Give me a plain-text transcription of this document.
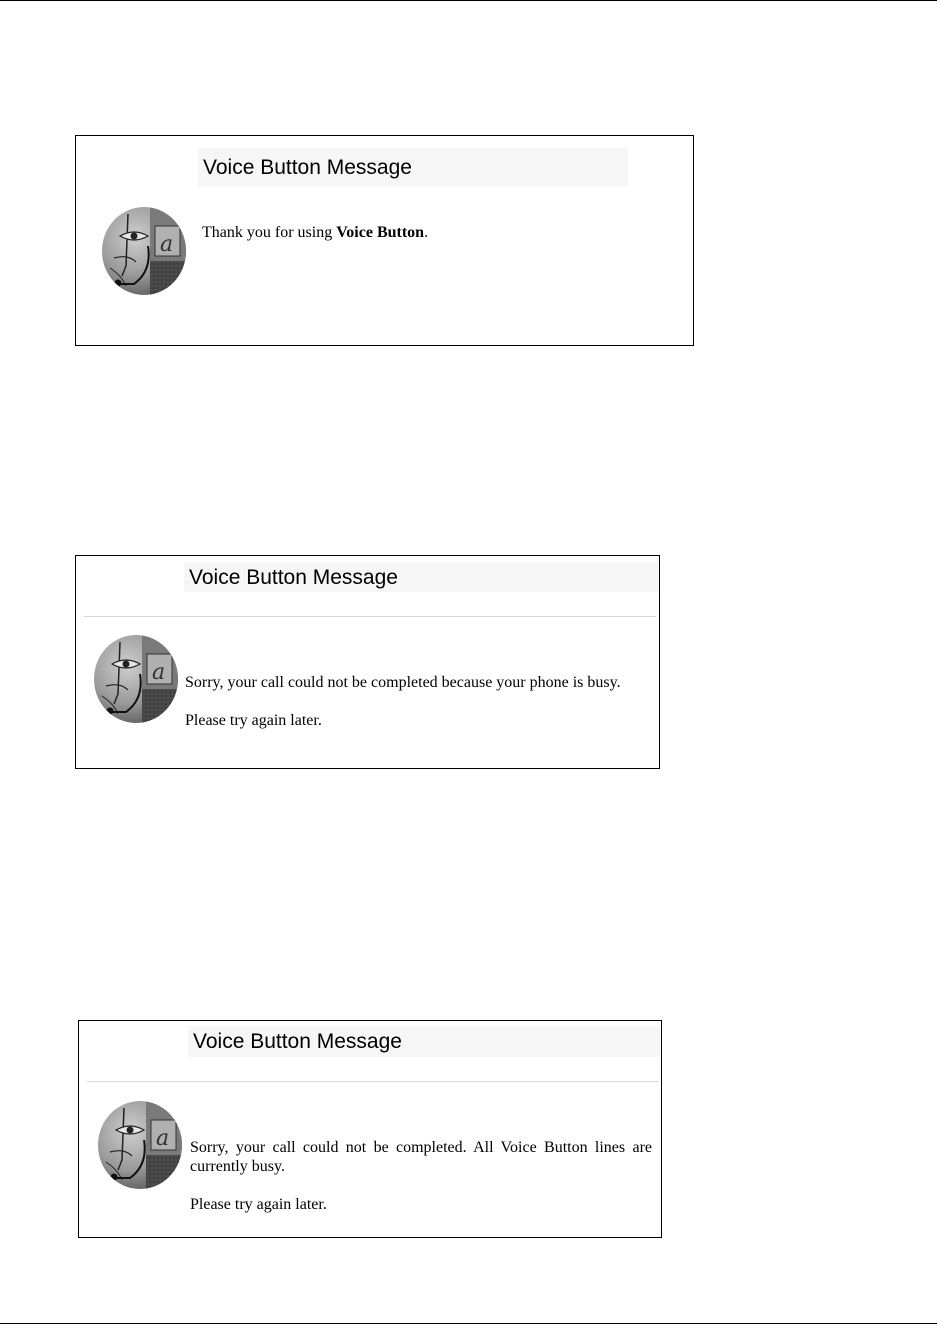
Voice Button Message

Thank you for using Voice Button.

Voice Button Message

Sorry, your call could not be completed because your phone is busy.

Please try again later.

Voice Button Message

Sorry, your call could not be completed. All Voice Button lines are currently busy.

Please try again later.
